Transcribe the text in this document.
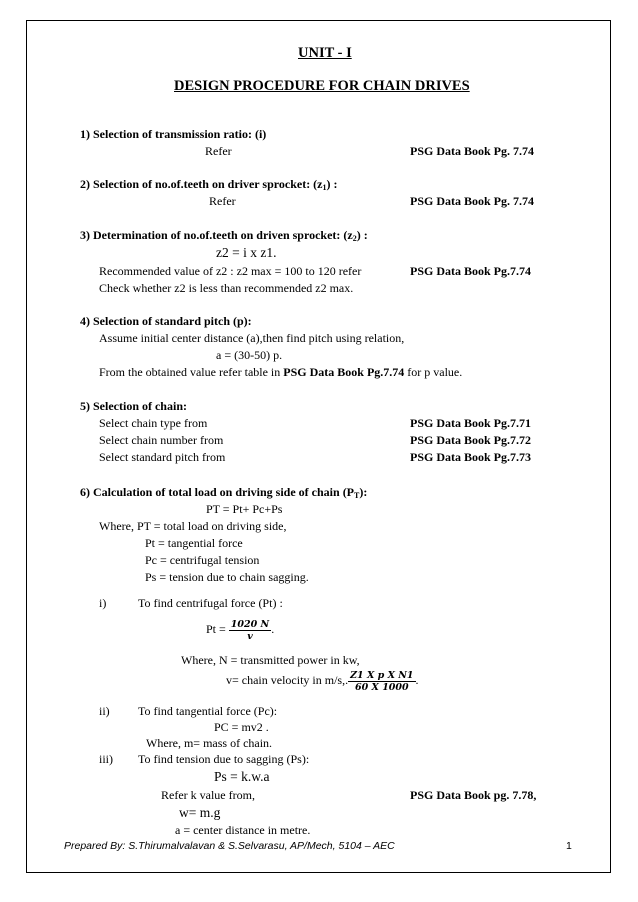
UNIT - I
DESIGN PROCEDURE FOR CHAIN DRIVES
1) Selection of transmission ratio: (i)
Refer	PSG Data Book Pg. 7.74
2) Selection of no.of.teeth on driver sprocket: $(z_1)$ :
Refer	PSG Data Book Pg. 7.74
3) Determination of no.of.teeth on driven sprocket: $(z_2)$ :
z2 = i x z1.
Recommended value of z2 : z2 max = 100 to 120 refer	PSG Data Book Pg.7.74
Check whether z2 is less than recommended z2 max.
4) Selection of standard pitch (p):
Assume initial center distance (a),then find pitch using relation,
a = (30-50) p.
From the obtained value refer table in PSG Data Book Pg.7.74 for p value.
5) Selection of chain:
Select chain type from	PSG Data Book Pg.7.71
Select chain number from	PSG Data Book Pg.7.72
Select standard pitch from	PSG Data Book Pg.7.73
6) Calculation of total load on driving side of chain $(P_T)$:
PT = Pt+ Pc+Ps
Where, PT = total load on driving side,
Pt = tangential force
Pc = centrifugal tension
Ps = tension due to chain sagging.
i)	To find centrifugal force (Pt) :
$Pt = \frac{1020 N}{v}$ .
Where, N = transmitted power in kw,
v= chain velocity in m/s,. $\frac{\text{Z1 X p X N1}}{60 X 1000}$ .
ii) To find tangential force (Pc):
PC = mv2 .
Where, m= mass of chain.
iii) To find tension due to sagging (Ps):
Ps = k.w.a
Refer k value from,	PSG Data Book pg. 7.78,
w= m.g
a = center distance in metre.
Prepared By: S.Thirumalvalavan & S.Selvarasu, AP/Mech, 5104 – AEC	1
